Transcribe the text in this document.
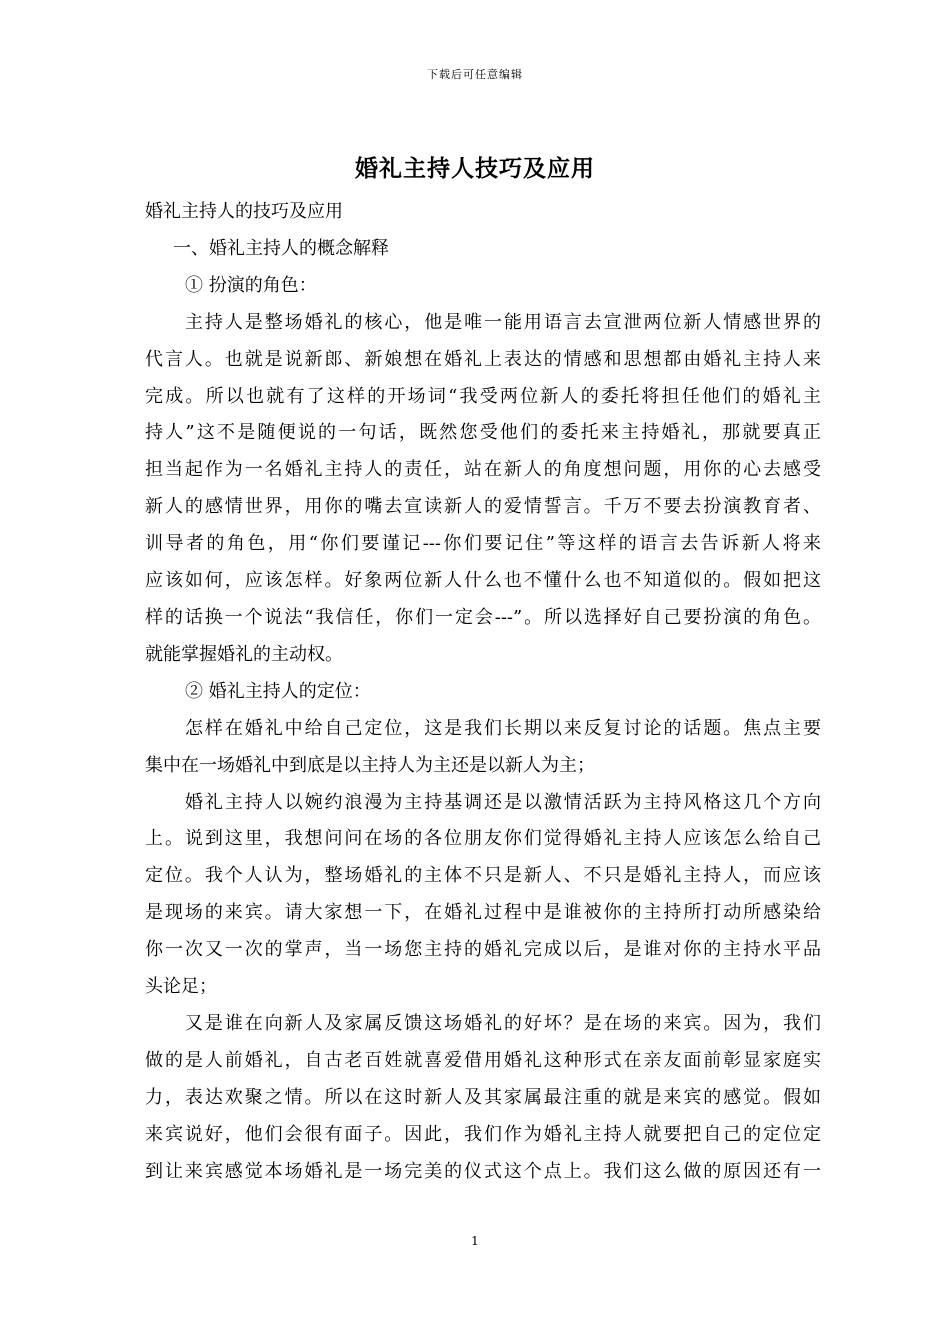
下载后可任意编辑
婚礼主持人技巧及应用
婚礼主持人的技巧及应用
一、婚礼主持人的概念解释
① 扮演的角色：
主持人是整场婚礼的核心，他是唯一能用语言去宣泄两位新人情感世界的
代言人。也就是说新郎、新娘想在婚礼上表达的情感和思想都由婚礼主持人来
完成。所以也就有了这样的开场词“我受两位新人的委托将担任他们的婚礼主
持人”这不是随便说的一句话，既然您受他们的委托来主持婚礼，那就要真正
担当起作为一名婚礼主持人的责任，站在新人的角度想问题，用你的心去感受
新人的感情世界，用你的嘴去宣读新人的爱情誓言。千万不要去扮演教育者、
训导者的角色，用“你们要谨记---你们要记住”等这样的语言去告诉新人将来
应该如何，应该怎样。好象两位新人什么也不懂什么也不知道似的。假如把这
样的话换一个说法“我信任，你们一定会---”。所以选择好自己要扮演的角色。
就能掌握婚礼的主动权。
② 婚礼主持人的定位：
怎样在婚礼中给自己定位，这是我们长期以来反复讨论的话题。焦点主要
集中在一场婚礼中到底是以主持人为主还是以新人为主；
婚礼主持人以婉约浪漫为主持基调还是以激情活跃为主持风格这几个方向
上。说到这里，我想问问在场的各位朋友你们觉得婚礼主持人应该怎么给自己
定位。我个人认为，整场婚礼的主体不只是新人、不只是婚礼主持人，而应该
是现场的来宾。请大家想一下，在婚礼过程中是谁被你的主持所打动所感染给
你一次又一次的掌声，当一场您主持的婚礼完成以后，是谁对你的主持水平品
头论足；
又是谁在向新人及家属反馈这场婚礼的好坏？是在场的来宾。因为，我们
做的是人前婚礼，自古老百姓就喜爱借用婚礼这种形式在亲友面前彰显家庭实
力，表达欢聚之情。所以在这时新人及其家属最注重的就是来宾的感觉。假如
来宾说好，他们会很有面子。因此，我们作为婚礼主持人就要把自己的定位定
到让来宾感觉本场婚礼是一场完美的仪式这个点上。我们这么做的原因还有一
1
